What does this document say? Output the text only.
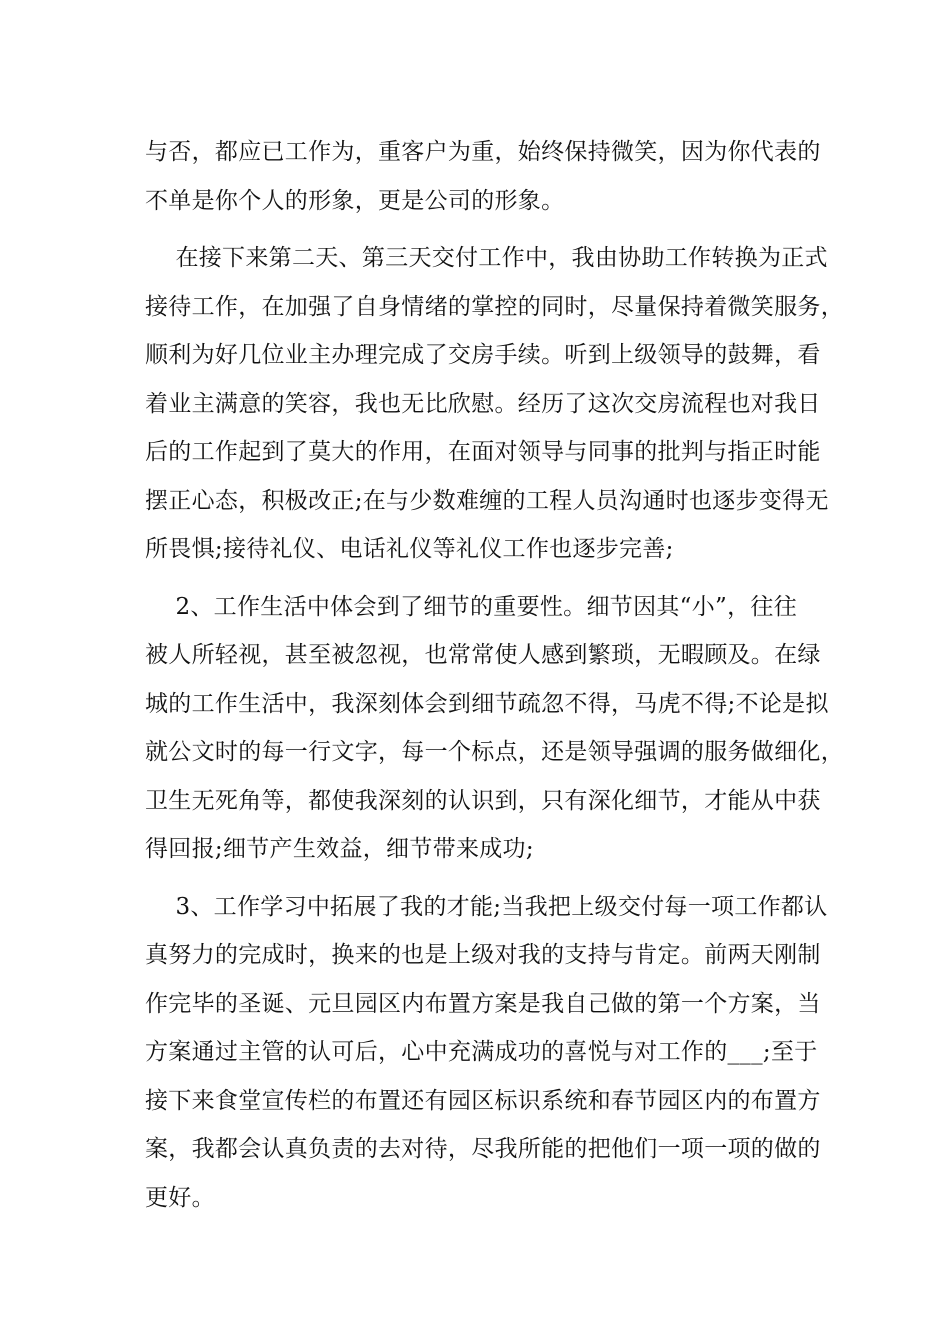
与否，都应已工作为，重客户为重，始终保持微笑，因为你代表的
不单是你个人的形象，更是公司的形象。
在接下来第二天、第三天交付工作中，我由协助工作转换为正式
接待工作，在加强了自身情绪的掌控的同时，尽量保持着微笑服务，
顺利为好几位业主办理完成了交房手续。听到上级领导的鼓舞，看
着业主满意的笑容，我也无比欣慰。经历了这次交房流程也对我日
后的工作起到了莫大的作用，在面对领导与同事的批判与指正时能
摆正心态，积极改正;在与少数难缠的工程人员沟通时也逐步变得无
所畏惧;接待礼仪、电话礼仪等礼仪工作也逐步完善;
2、工作生活中体会到了细节的重要性。细节因其“小”，往往
被人所轻视，甚至被忽视，也常常使人感到繁琐，无暇顾及。在绿
城的工作生活中，我深刻体会到细节疏忽不得，马虎不得;不论是拟
就公文时的每一行文字，每一个标点，还是领导强调的服务做细化，
卫生无死角等，都使我深刻的认识到，只有深化细节，才能从中获
得回报;细节产生效益，细节带来成功;
3、工作学习中拓展了我的才能;当我把上级交付每一项工作都认
真努力的完成时，换来的也是上级对我的支持与肯定。前两天刚制
作完毕的圣诞、元旦园区内布置方案是我自己做的第一个方案，当
方案通过主管的认可后，心中充满成功的喜悦与对工作的___;至于
接下来食堂宣传栏的布置还有园区标识系统和春节园区内的布置方
案，我都会认真负责的去对待，尽我所能的把他们一项一项的做的
更好。
